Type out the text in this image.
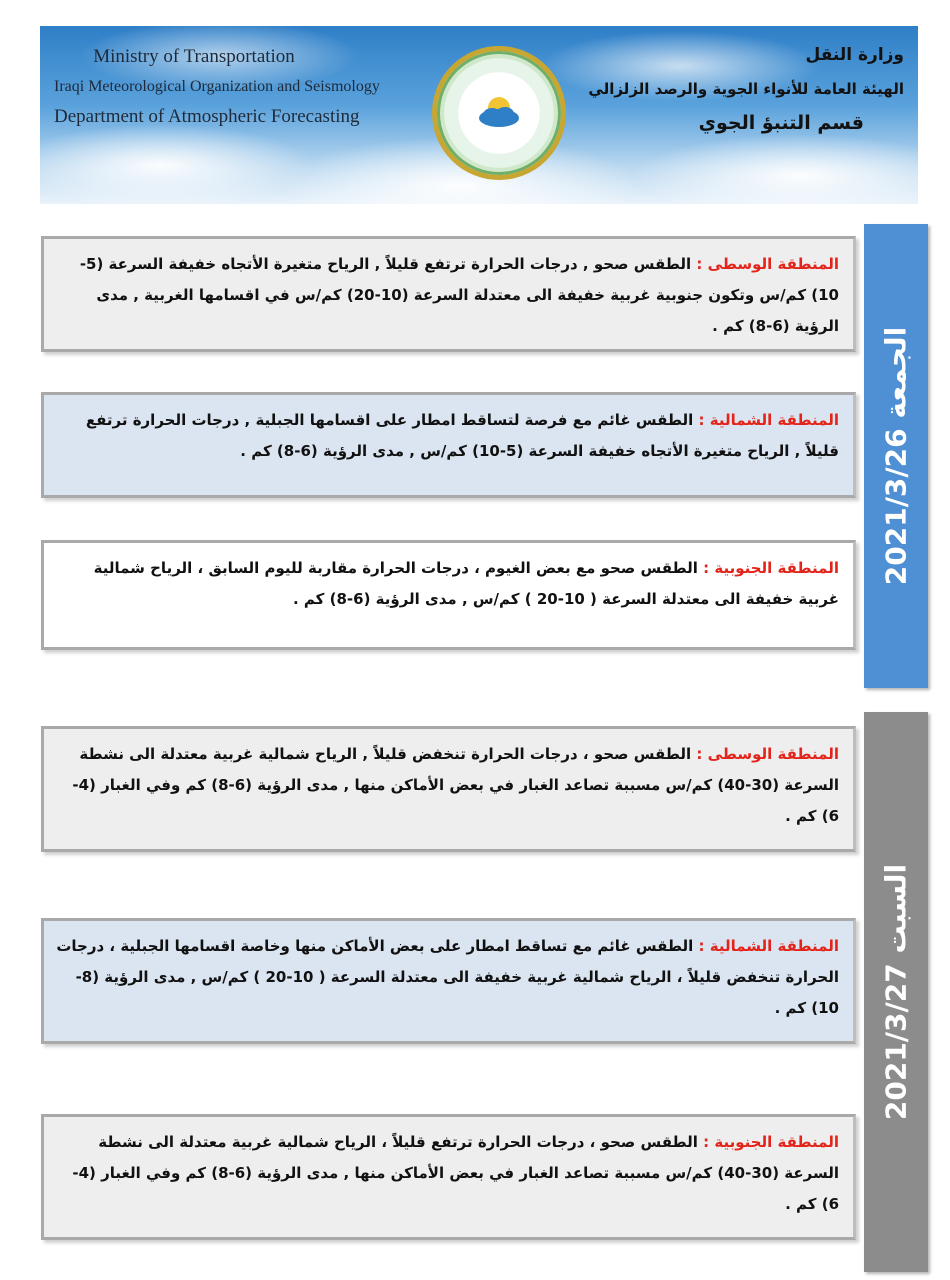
Ministry of Transportation
Iraqi Meteorological Organization and Seismology
Department of Atmospheric Forecasting
وزارة النقل
الهيئة العامة للأنواء الجوية والرصد الزلزالي
قسم التنبؤ الجوي
المنطقة الوسطى : الطقس صحو , درجات الحرارة ترتفع قليلاً , الرياح متغيرة الأتجاه خفيفة السرعة (5-10) كم/س وتكون جنوبية غربية خفيفة الى معتدلة السرعة (10-20) كم/س في اقسامها الغربية , مدى الرؤية (6-8) كم .
المنطقة الشمالية : الطقس غائم مع فرصة لتساقط امطار على اقسامها الجبلية , درجات الحرارة ترتفع قليلاً , الرياح متغيرة الأتجاه خفيفة السرعة (5-10) كم/س , مدى الرؤية (6-8) كم .
المنطقة الجنوبية : الطقس صحو مع بعض الغيوم ، درجات الحرارة مقاربة لليوم السابق ، الرياح شمالية غربية خفيفة الى معتدلة السرعة ( 10-20 ) كم/س , مدى الرؤية (6-8) كم .
الجمعة 2021/3/26
المنطقة الوسطى : الطقس صحو ، درجات الحرارة تنخفض قليلاً , الرياح شمالية غربية معتدلة الى نشطة السرعة (30-40) كم/س مسببة تصاعد الغبار في بعض الأماكن منها , مدى الرؤية (6-8) كم وفي الغبار (4-6) كم .
المنطقة الشمالية : الطقس غائم مع تساقط امطار على بعض الأماكن منها وخاصة اقسامها الجبلية ، درجات الحرارة تنخفض قليلاً ، الرياح شمالية غربية خفيفة الى معتدلة السرعة ( 10-20 ) كم/س , مدى الرؤية (8-10) كم .
المنطقة الجنوبية : الطقس صحو ، درجات الحرارة ترتفع قليلاً ، الرياح شمالية غربية معتدلة الى نشطة السرعة (30-40) كم/س مسببة تصاعد الغبار في بعض الأماكن منها , مدى الرؤية (6-8) كم وفي الغبار (4-6) كم .
السبت 2021/3/27
